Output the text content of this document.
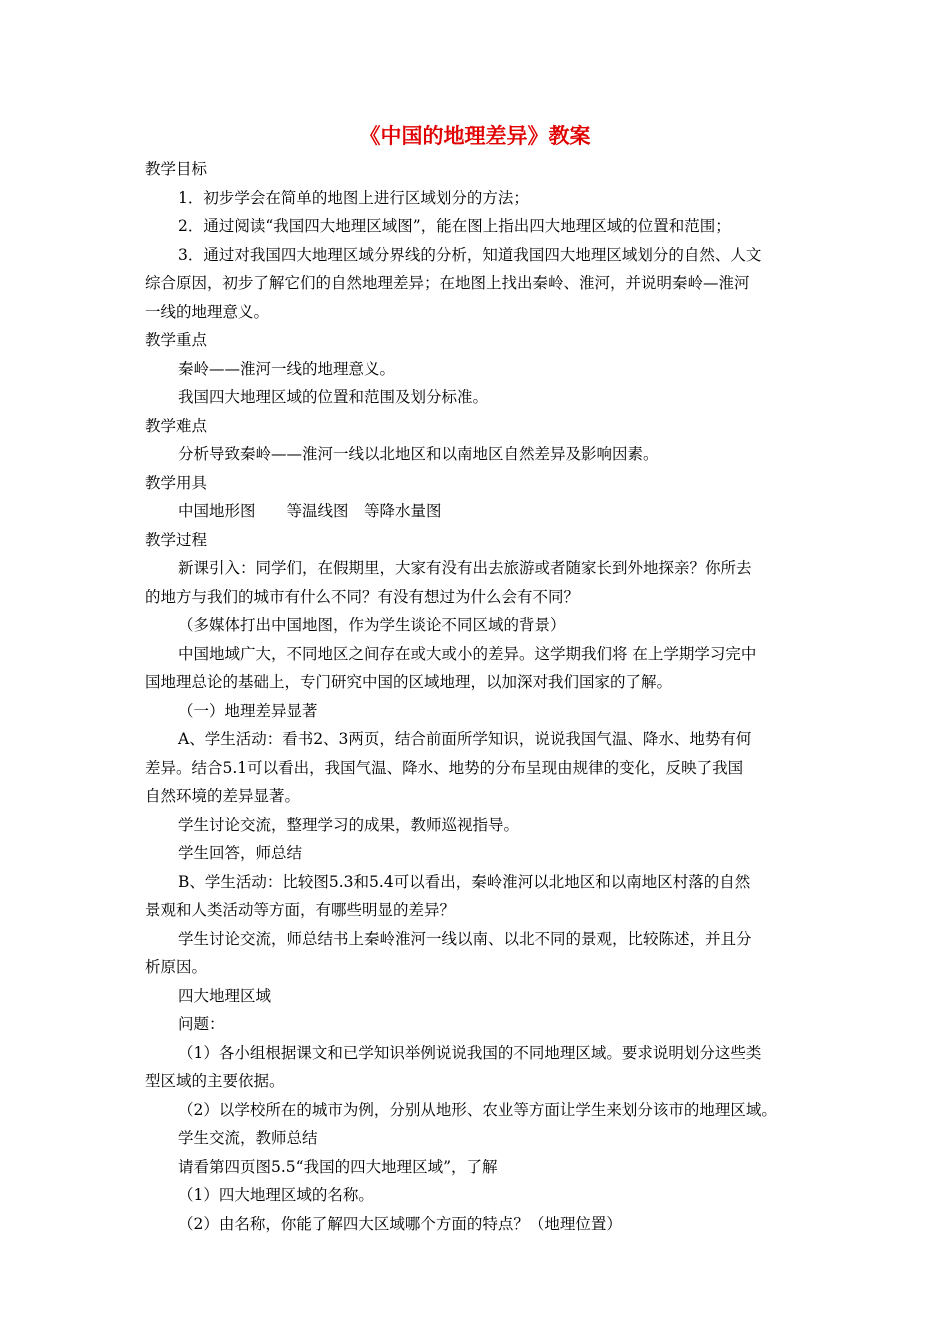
《中国的地理差异》教案
教学目标
1．初步学会在简单的地图上进行区域划分的方法；
2．通过阅读“我国四大地理区域图”，能在图上指出四大地理区域的位置和范围；
3．通过对我国四大地理区域分界线的分析，知道我国四大地理区域划分的自然、人文
综合原因，初步了解它们的自然地理差异；在地图上找出秦岭、淮河，并说明秦岭—淮河
一线的地理意义。
教学重点
秦岭——淮河一线的地理意义。
我国四大地理区域的位置和范围及划分标准。
教学难点
分析导致秦岭——淮河一线以北地区和以南地区自然差异及影响因素。
教学用具
中国地形图　　等温线图　等降水量图
教学过程
新课引入：同学们，在假期里，大家有没有出去旅游或者随家长到外地探亲？你所去
的地方与我们的城市有什么不同？有没有想过为什么会有不同？
（多媒体打出中国地图，作为学生谈论不同区域的背景）
中国地域广大，不同地区之间存在或大或小的差异。这学期我们将 在上学期学习完中
国地理总论的基础上，专门研究中国的区域地理，以加深对我们国家的了解。
（一）地理差异显著
A、学生活动：看书2、3两页，结合前面所学知识，说说我国气温、降水、地势有何
差异。结合5.1可以看出，我国气温、降水、地势的分布呈现由规律的变化，反映了我国
自然环境的差异显著。
学生讨论交流，整理学习的成果，教师巡视指导。
学生回答，师总结
B、学生活动：比较图5.3和5.4可以看出，秦岭淮河以北地区和以南地区村落的自然
景观和人类活动等方面，有哪些明显的差异？
学生讨论交流，师总结书上秦岭淮河一线以南、以北不同的景观，比较陈述，并且分
析原因。
四大地理区域
问题：
（1）各小组根据课文和已学知识举例说说我国的不同地理区域。要求说明划分这些类
型区域的主要依据。
（2）以学校所在的城市为例，分别从地形、农业等方面让学生来划分该市的地理区域。
学生交流，教师总结
请看第四页图5.5“我国的四大地理区域”，了解
（1）四大地理区域的名称。
（2）由名称，你能了解四大区域哪个方面的特点？（地理位置）
